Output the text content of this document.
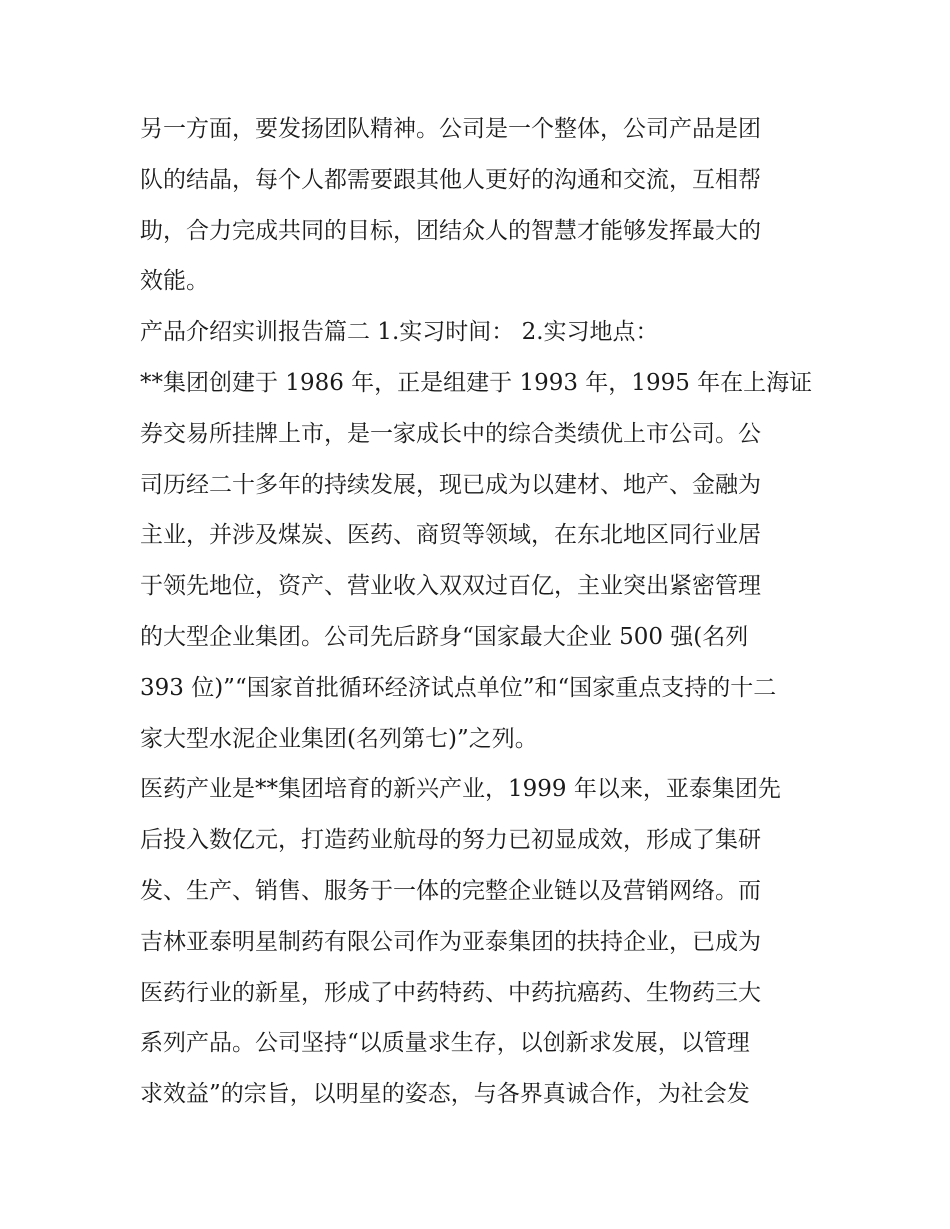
另一方面，要发扬团队精神。公司是一个整体，公司产品是团
队的结晶，每个人都需要跟其他人更好的沟通和交流，互相帮
助，合力完成共同的目标，团结众人的智慧才能够发挥最大的
效能。
产品介绍实训报告篇二 1.实习时间： 2.实习地点：
**集团创建于 1986 年，正是组建于 1993 年，1995 年在上海证
券交易所挂牌上市，是一家成长中的综合类绩优上市公司。公
司历经二十多年的持续发展，现已成为以建材、地产、金融为
主业，并涉及煤炭、医药、商贸等领域，在东北地区同行业居
于领先地位，资产、营业收入双双过百亿，主业突出紧密管理
的大型企业集团。公司先后跻身“国家最大企业 500 强(名列
393 位)”“国家首批循环经济试点单位”和“国家重点支持的十二
家大型水泥企业集团(名列第七)”之列。
医药产业是**集团培育的新兴产业，1999 年以来，亚泰集团先
后投入数亿元，打造药业航母的努力已初显成效，形成了集研
发、生产、销售、服务于一体的完整企业链以及营销网络。而
吉林亚泰明星制药有限公司作为亚泰集团的扶持企业，已成为
医药行业的新星，形成了中药特药、中药抗癌药、生物药三大
系列产品。公司坚持“以质量求生存，以创新求发展，以管理
求效益”的宗旨，以明星的姿态，与各界真诚合作，为社会发
